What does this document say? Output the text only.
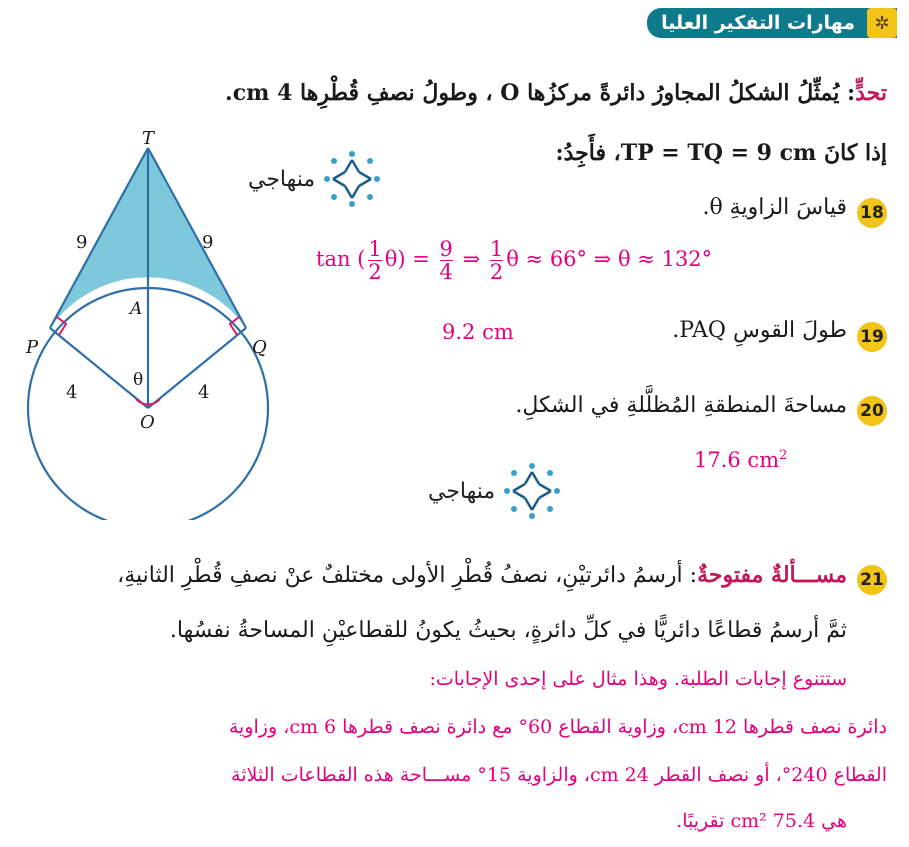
✲
مهارات التفكير العليا
تحدٍّ: يُمثِّلُ الشكلُ المجاورُ دائرةً مركزُها O ، وطولُ نصفِ قُطْرِها 4 cm.
إذا كانَ TP = TQ = 9 cm، فأَجِدُ:
منهاجي
18
قياسَ الزاويةِ θ.
tan ( $\frac{1}{2} \theta) = \frac{9}{4}$ ⇒ $\frac{1}{2}$ θ ≈ 66° ⇒ θ ≈ 132°
19
طولَ القوسِ PAQ.
9.2 cm
20
مساحةَ المنطقةِ المُظلَّلةِ في الشكلِ.
17.6 $cm^2$
منهاجي
T
A
P	Q
O
θ
9	9
4	4
21
مســـألةٌ مفتوحةٌ: أرسمُ دائرتيْنِ، نصفُ قُطْرِ الأولى مختلفٌ عنْ نصفِ قُطْرِ الثانيةِ،
ثمَّ أرسمُ قطاعًا دائريًّا في كلِّ دائرةٍ، بحيثُ يكونُ للقطاعيْنِ المساحةُ نفسُها.
ستتنوع إجابات الطلبة. وهذا مثال على إحدى الإجابات:
دائرة نصف قطرها 12 cm، وزاوية القطاع 60° مع دائرة نصف قطرها 6 cm، وزاوية
القطاع 240°، أو نصف القطر 24 cm، والزاوية 15° مســـاحة هذه القطاعات الثلاثة
هي 75.4 cm² تقريبًا.
